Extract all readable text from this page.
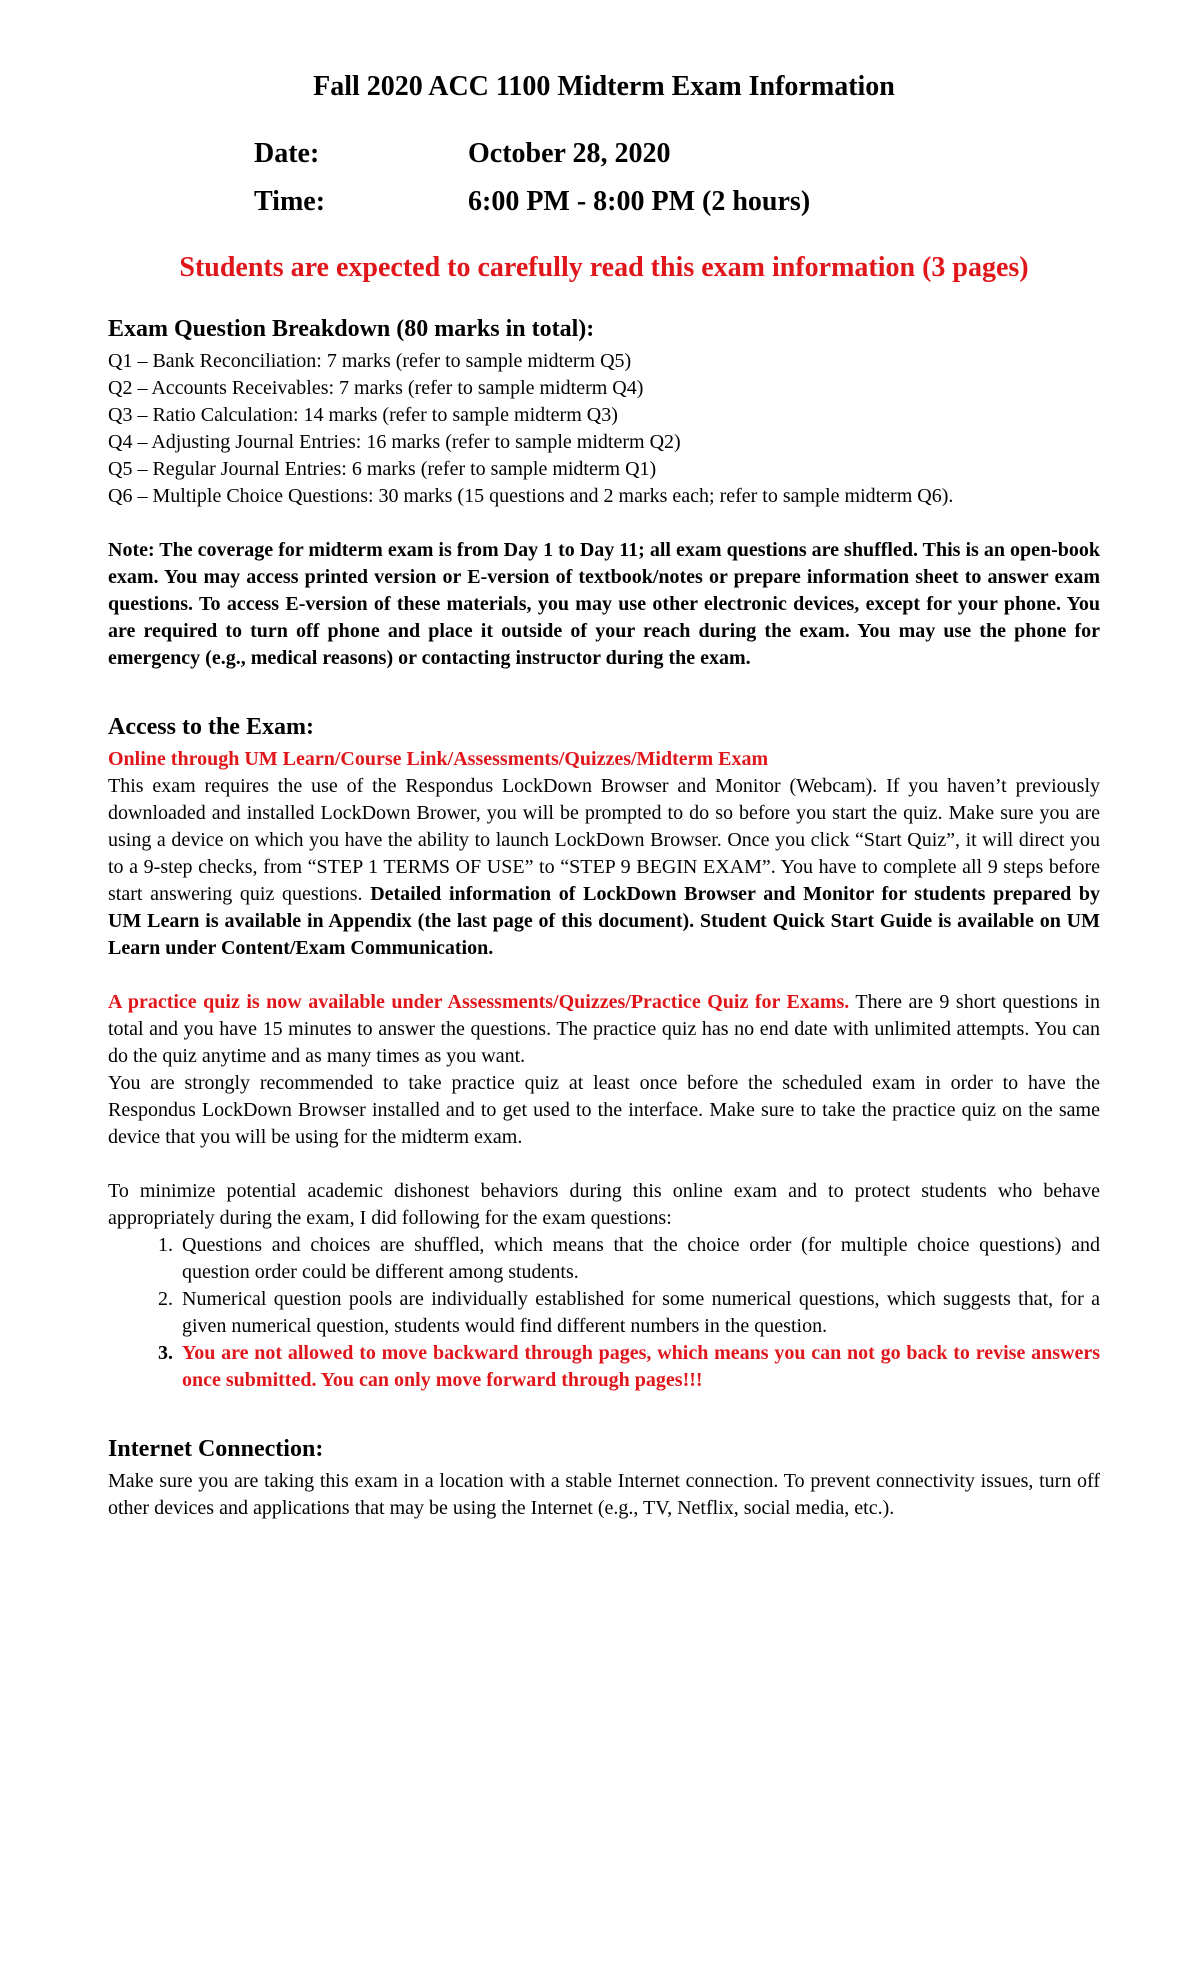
Fall 2020 ACC 1100 Midterm Exam Information
Date:	October 28, 2020
Time:	6:00 PM - 8:00 PM (2 hours)
Students are expected to carefully read this exam information (3 pages)
Exam Question Breakdown (80 marks in total):

Q1 – Bank Reconciliation: 7 marks (refer to sample midterm Q5)

Q2 – Accounts Receivables: 7 marks (refer to sample midterm Q4)

Q3 – Ratio Calculation: 14 marks (refer to sample midterm Q3)

Q4 – Adjusting Journal Entries: 16 marks (refer to sample midterm Q2)

Q5 – Regular Journal Entries: 6 marks (refer to sample midterm Q1)

Q6 – Multiple Choice Questions: 30 marks (15 questions and 2 marks each; refer to sample midterm Q6).

Note: The coverage for midterm exam is from Day 1 to Day 11; all exam questions are shuffled. This is an open-book exam. You may access printed version or E-version of textbook/notes or prepare information sheet to answer exam questions. To access E-version of these materials, you may use other electronic devices, except for your phone. You are required to turn off phone and place it outside of your reach during the exam. You may use the phone for emergency (e.g., medical reasons) or contacting instructor during the exam.

Access to the Exam:

Online through UM Learn/Course Link/Assessments/Quizzes/Midterm Exam

This exam requires the use of the Respondus LockDown Browser and Monitor (Webcam). If you haven’t previously downloaded and installed LockDown Brower, you will be prompted to do so before you start the quiz. Make sure you are using a device on which you have the ability to launch LockDown Browser. Once you click “Start Quiz”, it will direct you to a 9-step checks, from “STEP 1 TERMS OF USE” to “STEP 9 BEGIN EXAM”. You have to complete all 9 steps before start answering quiz questions. Detailed information of LockDown Browser and Monitor for students prepared by UM Learn is available in Appendix (the last page of this document). Student Quick Start Guide is available on UM Learn under Content/Exam Communication.

A practice quiz is now available under Assessments/Quizzes/Practice Quiz for Exams. There are 9 short questions in total and you have 15 minutes to answer the questions. The practice quiz has no end date with unlimited attempts. You can do the quiz anytime and as many times as you want.

You are strongly recommended to take practice quiz at least once before the scheduled exam in order to have the Respondus LockDown Browser installed and to get used to the interface. Make sure to take the practice quiz on the same device that you will be using for the midterm exam.

To minimize potential academic dishonest behaviors during this online exam and to protect students who behave appropriately during the exam, I did following for the exam questions:

1. Questions and choices are shuffled, which means that the choice order (for multiple choice questions) and question order could be different among students.
2. Numerical question pools are individually established for some numerical questions, which suggests that, for a given numerical question, students would find different numbers in the question.
3. You are not allowed to move backward through pages, which means you can not go back to revise answers once submitted. You can only move forward through pages!!!
Internet Connection:

Make sure you are taking this exam in a location with a stable Internet connection. To prevent connectivity issues, turn off other devices and applications that may be using the Internet (e.g., TV, Netflix, social media, etc.).
